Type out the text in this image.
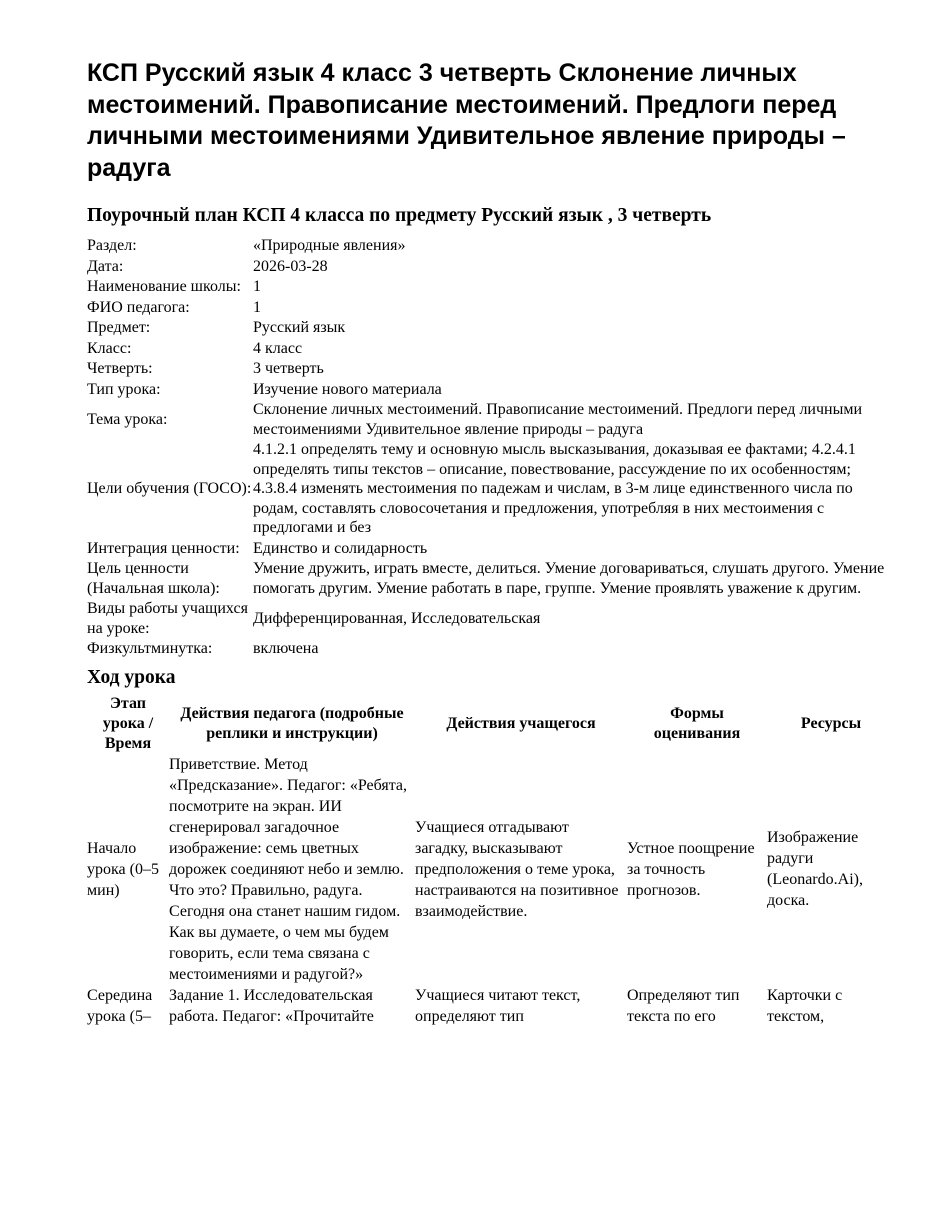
КСП Русский язык 4 класс 3 четверть Склонение личных местоимений. Правописание местоимений. Предлоги перед личными местоимениями Удивительное явление природы – радуга
Поурочный план КСП 4 класса по предмету Русский язык , 3 четверть
Раздел:	«Природные явления»
Дата:	2026-03-28
Наименование школы:	1
ФИО педагога:	1
Предмет:	Русский язык
Класс:	4 класс
Четверть:	3 четверть
Тип урока:	Изучение нового материала
Тема урока:	Склонение личных местоимений. Правописание местоимений. Предлоги перед личными местоимениями Удивительное явление природы – радуга
Цели обучения (ГОСО):	4.1.2.1 определять тему и основную мысль высказывания, доказывая ее фактами; 4.2.4.1 определять типы текстов – описание, повествование, рассуждение по их особенностям; 4.3.8.4 изменять местоимения по падежам и числам, в 3-м лице единственного числа по родам, составлять словосочетания и предложения, употребляя в них местоимения с предлогами и без
Интеграция ценности:	Единство и солидарность
Цель ценности (Начальная школа):	Умение дружить, играть вместе, делиться. Умение договариваться, слушать другого. Умение помогать другим. Умение работать в паре, группе. Умение проявлять уважение к другим.
Виды работы учащихся на уроке:	Дифференцированная, Исследовательская
Физкультминутка:	включена
Ход урока
Этап урока / Время	Действия педагога (подробные реплики и инструкции)	Действия учащегося	Формы оценивания	Ресурсы
Начало урока (0–5 мин)	Приветствие. Метод «Предсказание». Педагог: «Ребята, посмотрите на экран. ИИ сгенерировал загадочное изображение: семь цветных дорожек соединяют небо и землю. Что это? Правильно, радуга. Сегодня она станет нашим гидом. Как вы думаете, о чем мы будем говорить, если тема связана с местоимениями и радугой?»	Учащиеся отгадывают загадку, высказывают предположения о теме урока, настраиваются на позитивное взаимодействие.	Устное поощрение за точность прогнозов.	Изображение радуги (Leonardo.Ai), доска.
Середина урока (5–	Задание 1. Исследовательская работа. Педагог: «Прочитайте	Учащиеся читают текст, определяют тип	Определяют тип текста по его	Карточки с текстом,
